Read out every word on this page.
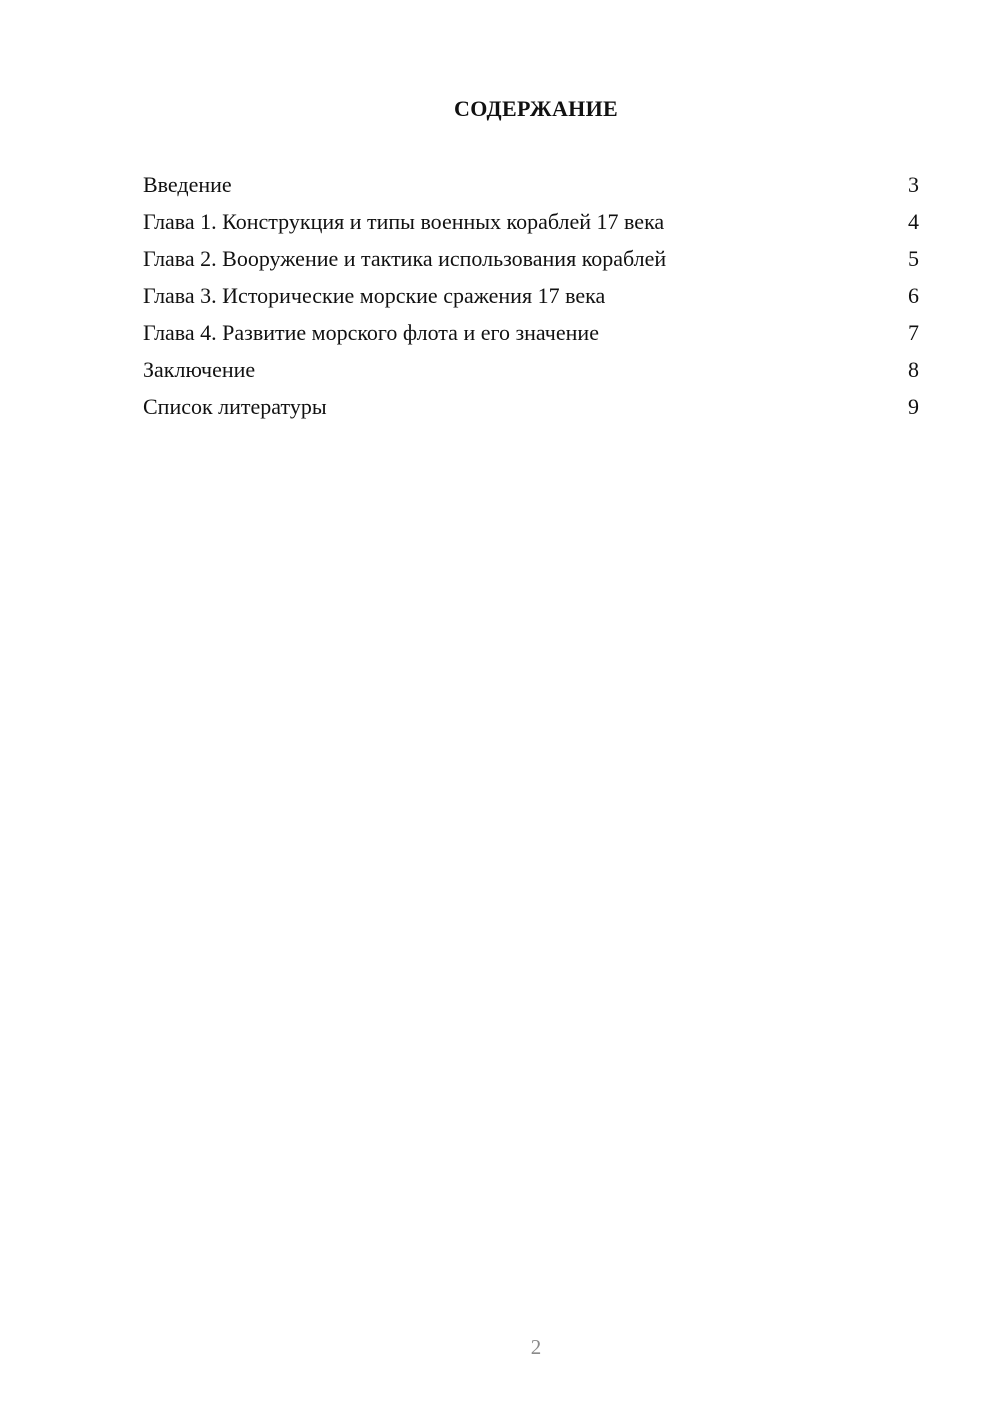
СОДЕРЖАНИЕ
Введение	3
Глава 1. Конструкция и типы военных кораблей 17 века	4
Глава 2. Вооружение и тактика использования кораблей	5
Глава 3. Исторические морские сражения 17 века	6
Глава 4. Развитие морского флота и его значение	7
Заключение	8
Список литературы	9
2
